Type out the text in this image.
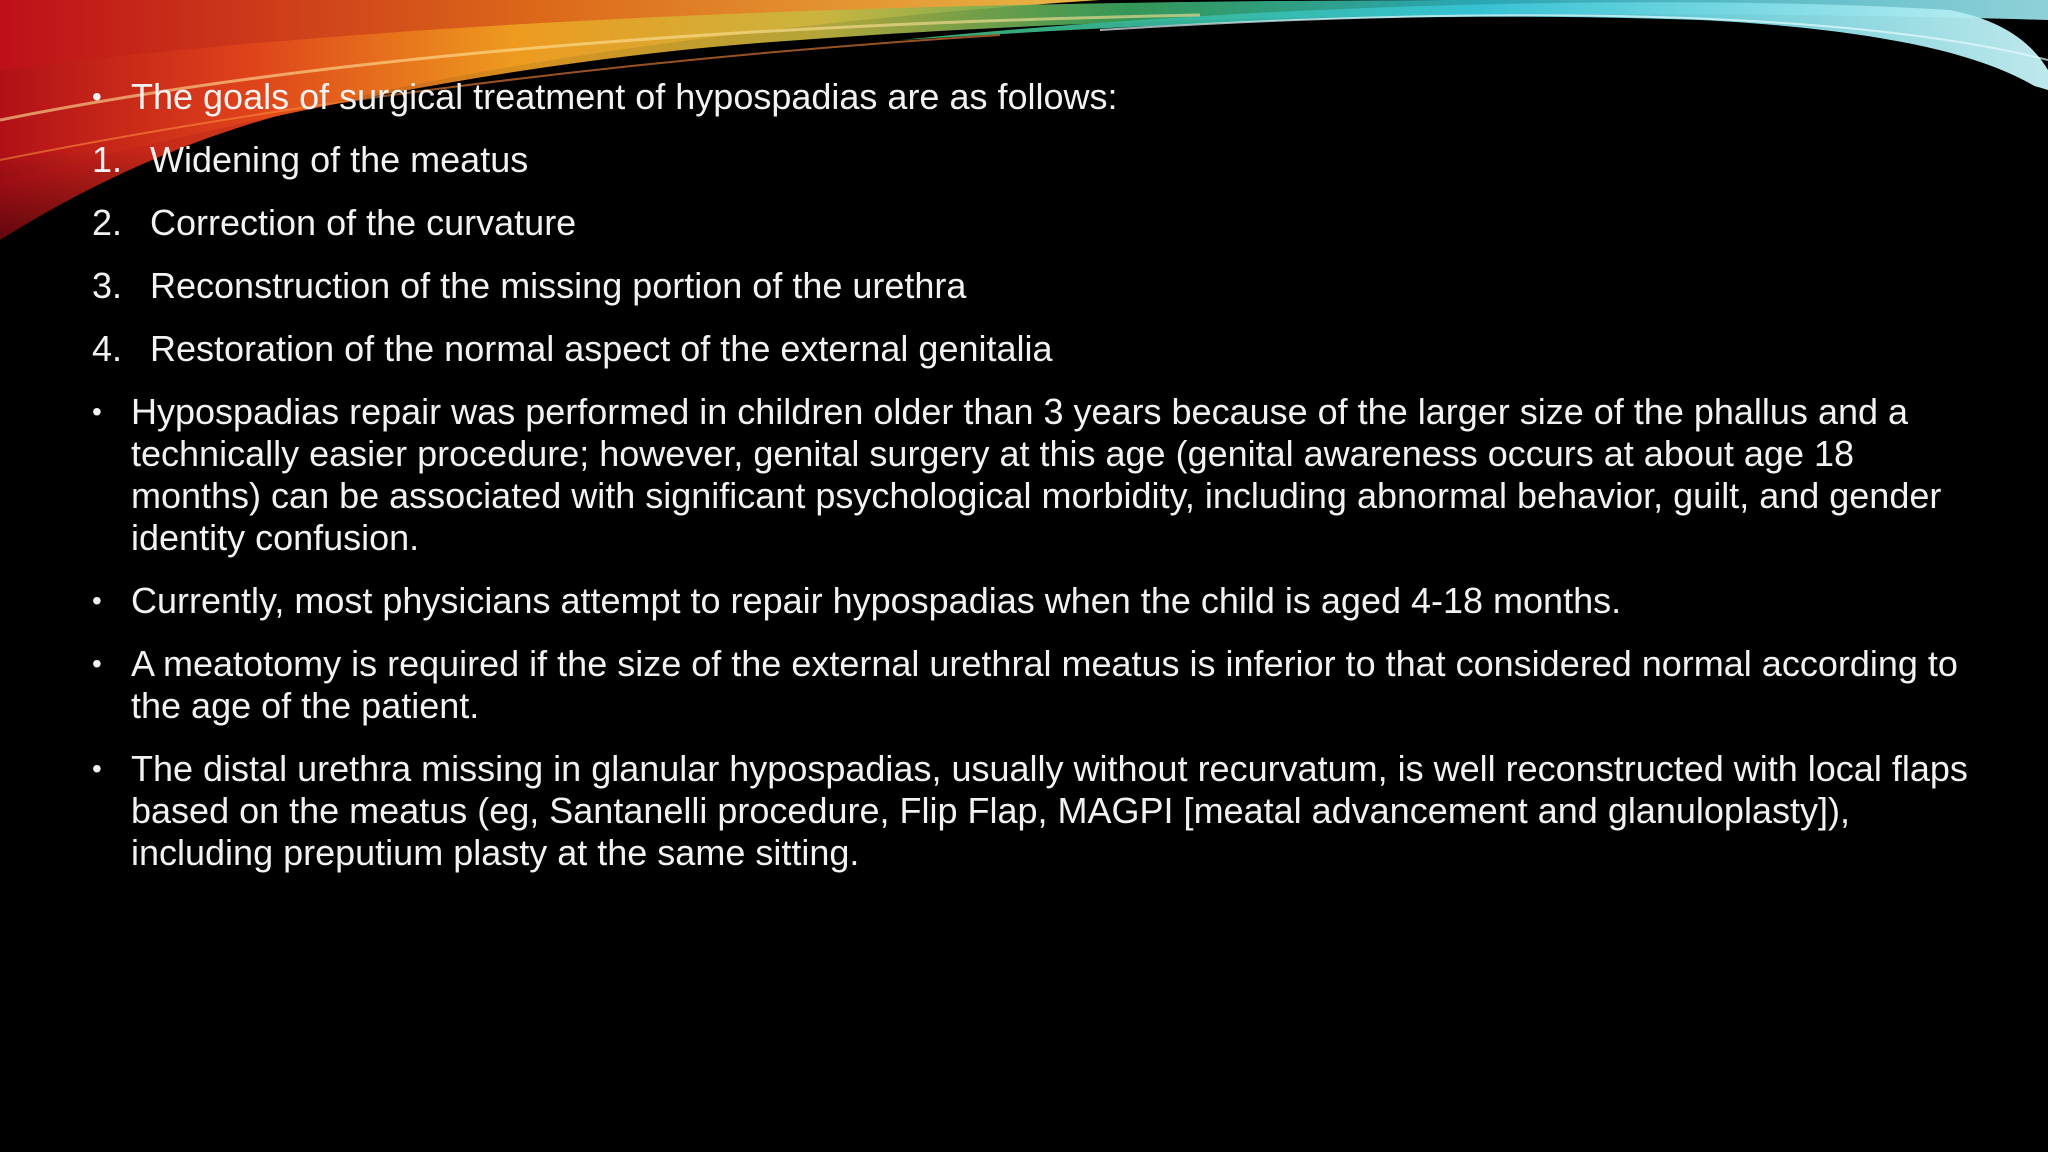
• The goals of surgical treatment of hypospadias are as follows:
1. Widening of the meatus
2. Correction of the curvature
3. Reconstruction of the missing portion of the urethra
4. Restoration of the normal aspect of the external genitalia
• Hypospadias repair was performed in children older than 3 years because of the larger size of the phallus and a technically easier procedure; however, genital surgery at this age (genital awareness occurs at about age 18 months) can be associated with significant psychological morbidity, including abnormal behavior, guilt, and gender identity confusion.
• Currently, most physicians attempt to repair hypospadias when the child is aged 4-18 months.
• A meatotomy is required if the size of the external urethral meatus is inferior to that considered normal according to the age of the patient.
• The distal urethra missing in glanular hypospadias, usually without recurvatum, is well reconstructed with local flaps based on the meatus (eg, Santanelli procedure, Flip Flap, MAGPI [meatal advancement and glanuloplasty]), including preputium plasty at the same sitting.
